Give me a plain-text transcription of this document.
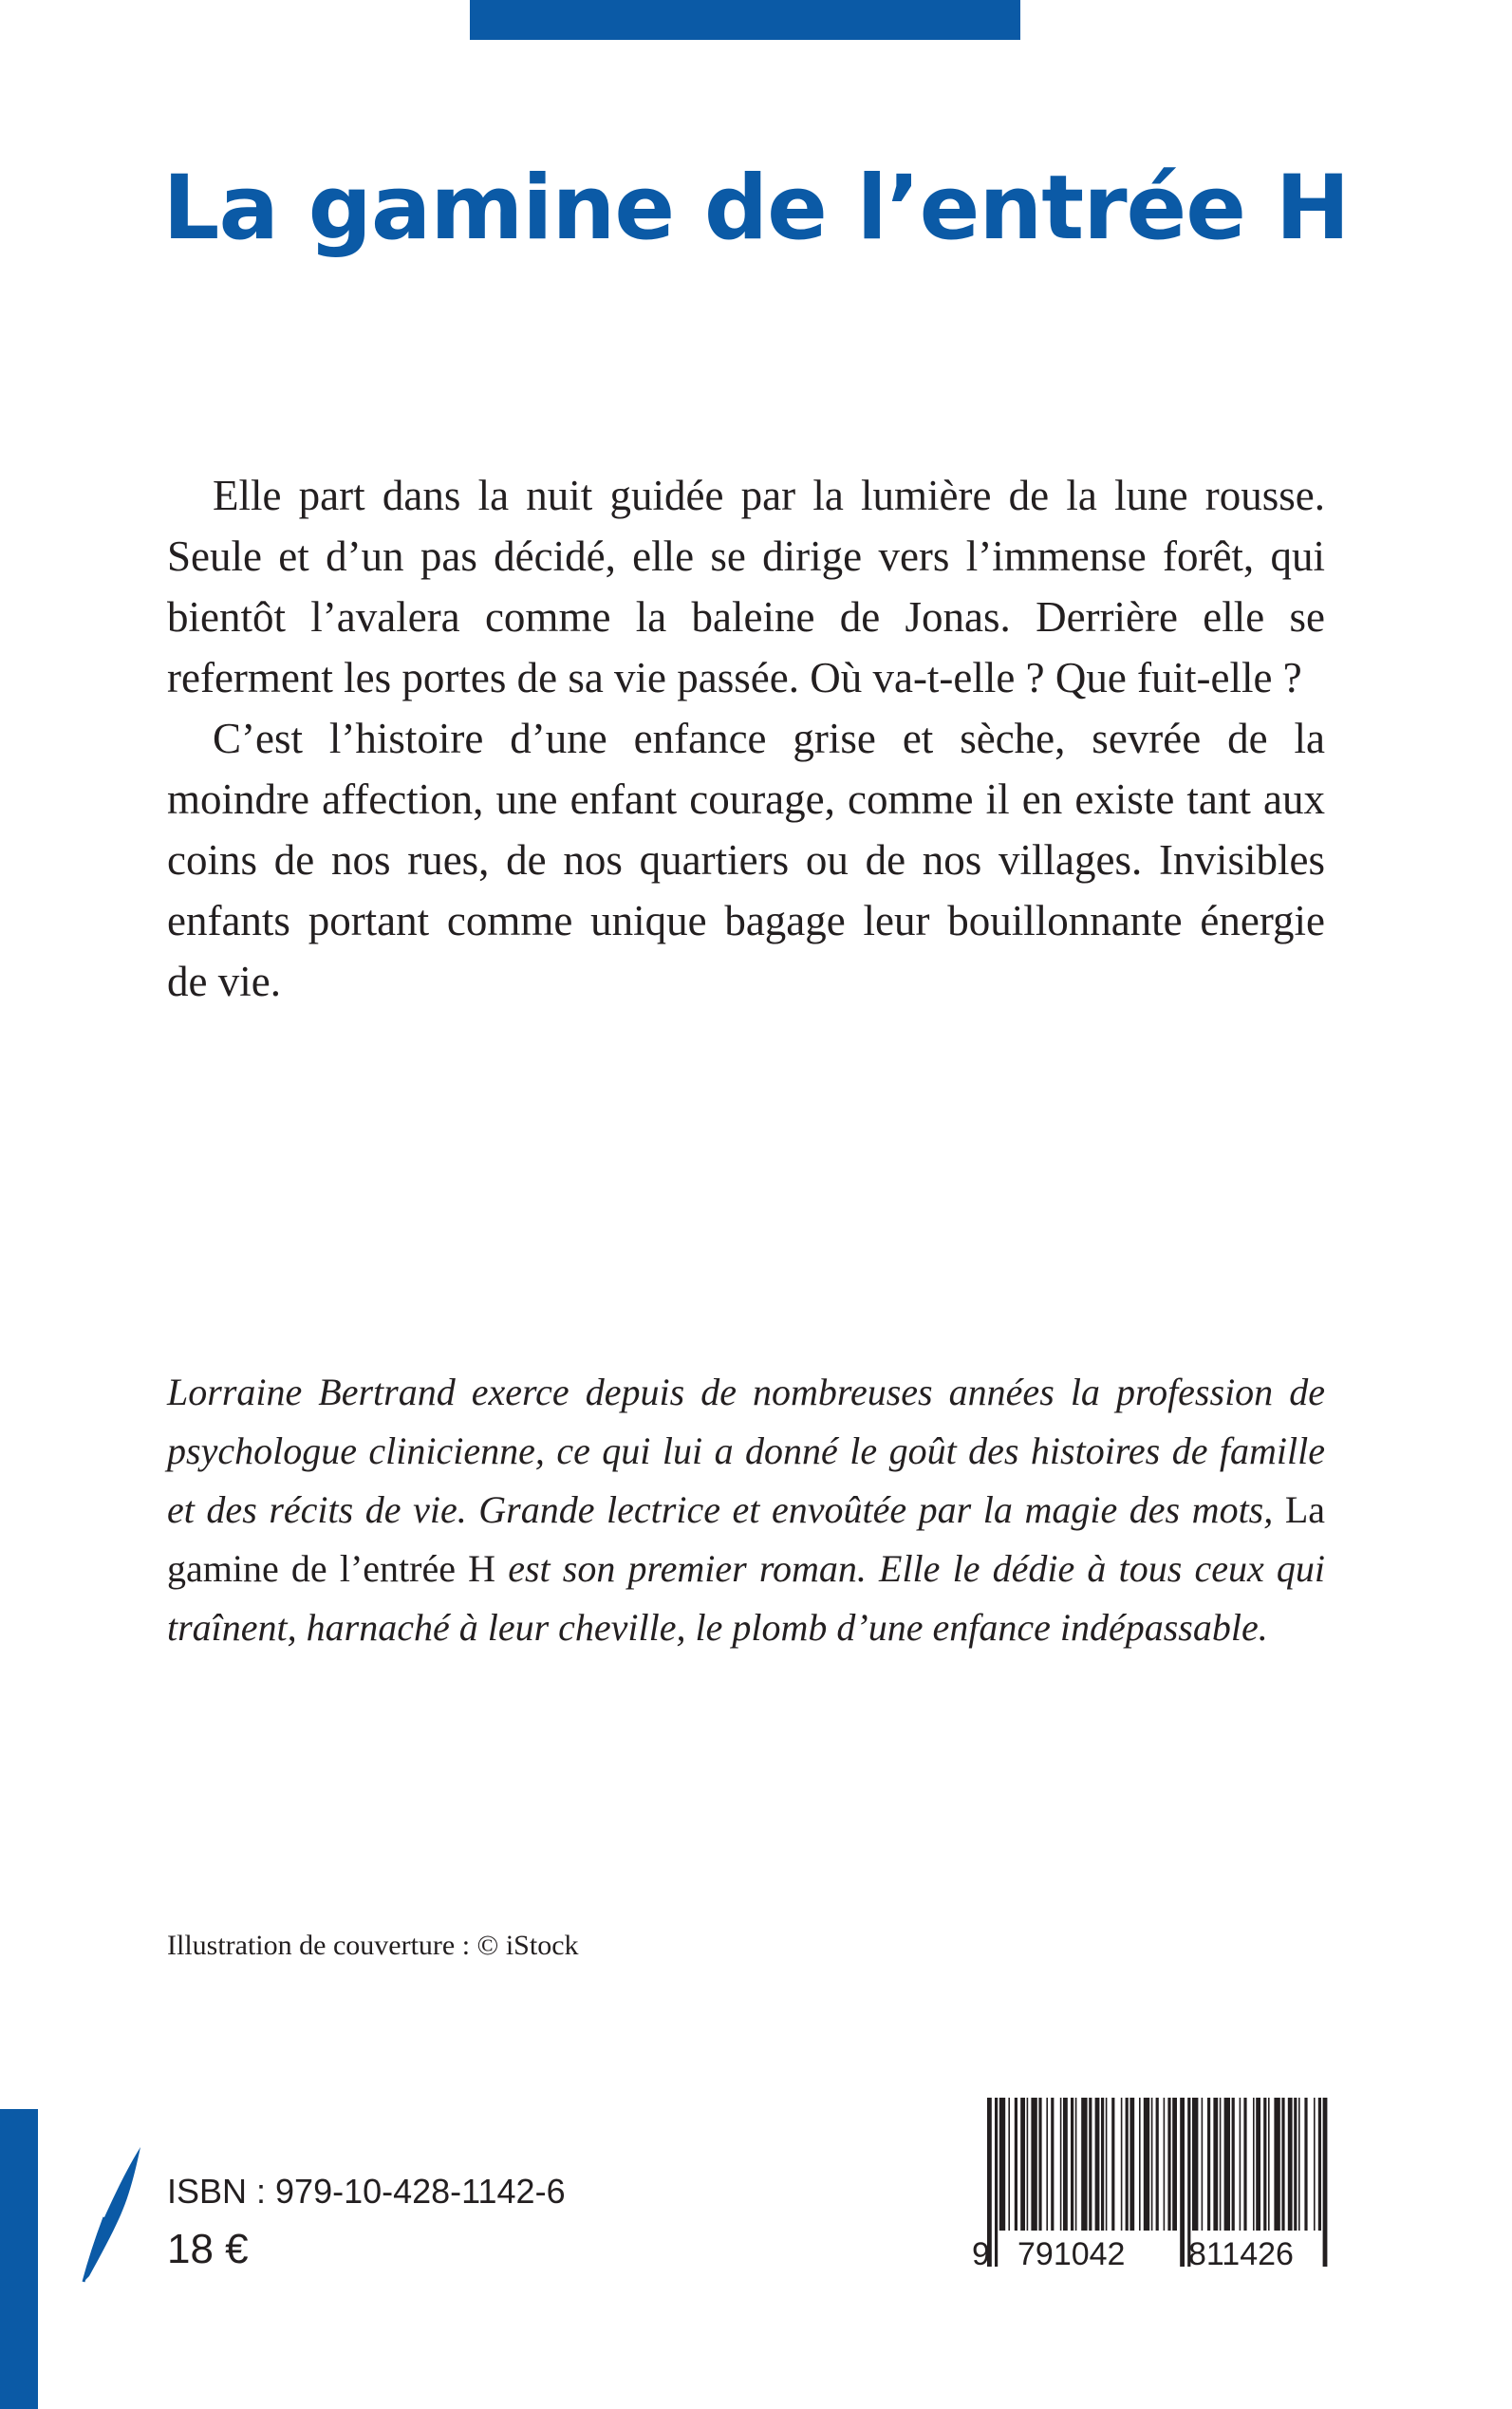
La gamine de l’entrée H

Elle part dans la nuit guidée par la lumière de la lune rousse. Seule et d’un pas décidé, elle se dirige vers l’immense forêt, qui bientôt l’avalera comme la baleine de Jonas. Derrière elle se referment les portes de sa vie passée. Où va-t-elle ? Que fuit-elle ?

C’est l’histoire d’une enfance grise et sèche, sevrée de la moindre affection, une enfant courage, comme il en existe tant aux coins de nos rues, de nos quartiers ou de nos villages. Invisibles enfants portant comme unique bagage leur bouillonnante énergie de vie.

Lorraine Bertrand exerce depuis de nombreuses années la profession de psychologue clinicienne, ce qui lui a donné le goût des histoires de famille et des récits de vie. Grande lectrice et envoûtée par la magie des mots, La gamine de l’entrée H est son premier roman. Elle le dédie à tous ceux qui traînent, harnaché à leur cheville, le plomb d’une enfance indépassable.
Illustration de couverture : © iStock
ISBN : 979-10-428-1142-6
18 €	9 791042 811426
